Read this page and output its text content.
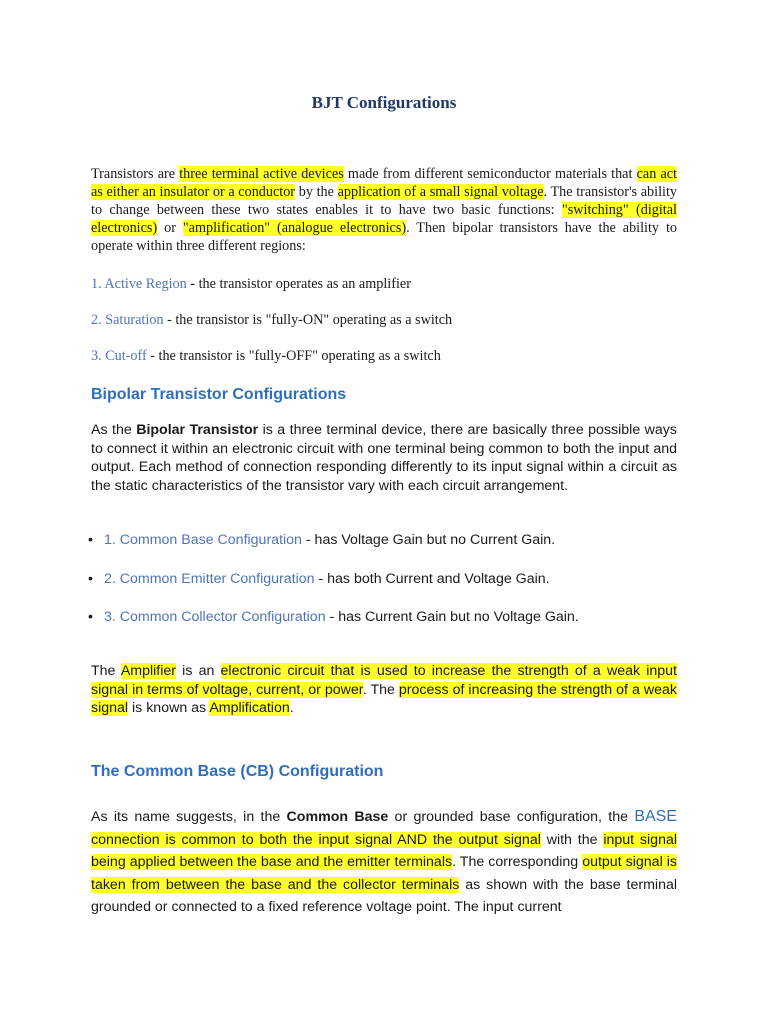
BJT Configurations

Transistors are three terminal active devices made from different semiconductor materials that can act as either an insulator or a conductor by the application of a small signal voltage. The transistor's ability to change between these two states enables it to have two basic functions: "switching" (digital electronics) or "amplification" (analogue electronics). Then bipolar transistors have the ability to operate within three different regions:

1. Active Region - the transistor operates as an amplifier

2. Saturation - the transistor is "fully-ON" operating as a switch

3. Cut-off - the transistor is "fully-OFF" operating as a switch

Bipolar Transistor Configurations

As the Bipolar Transistor is a three terminal device, there are basically three possible ways to connect it within an electronic circuit with one terminal being common to both the input and output. Each method of connection responding differently to its input signal within a circuit as the static characteristics of the transistor vary with each circuit arrangement.

• 1. Common Base Configuration - has Voltage Gain but no Current Gain.

• 2. Common Emitter Configuration - has both Current and Voltage Gain.

• 3. Common Collector Configuration - has Current Gain but no Voltage Gain.

The Amplifier is an electronic circuit that is used to increase the strength of a weak input signal in terms of voltage, current, or power. The process of increasing the strength of a weak signal is known as Amplification.

The Common Base (CB) Configuration

As its name suggests, in the Common Base or grounded base configuration, the BASE connection is common to both the input signal AND the output signal with the input signal being applied between the base and the emitter terminals. The corresponding output signal is taken from between the base and the collector terminals as shown with the base terminal grounded or connected to a fixed reference voltage point. The input current
